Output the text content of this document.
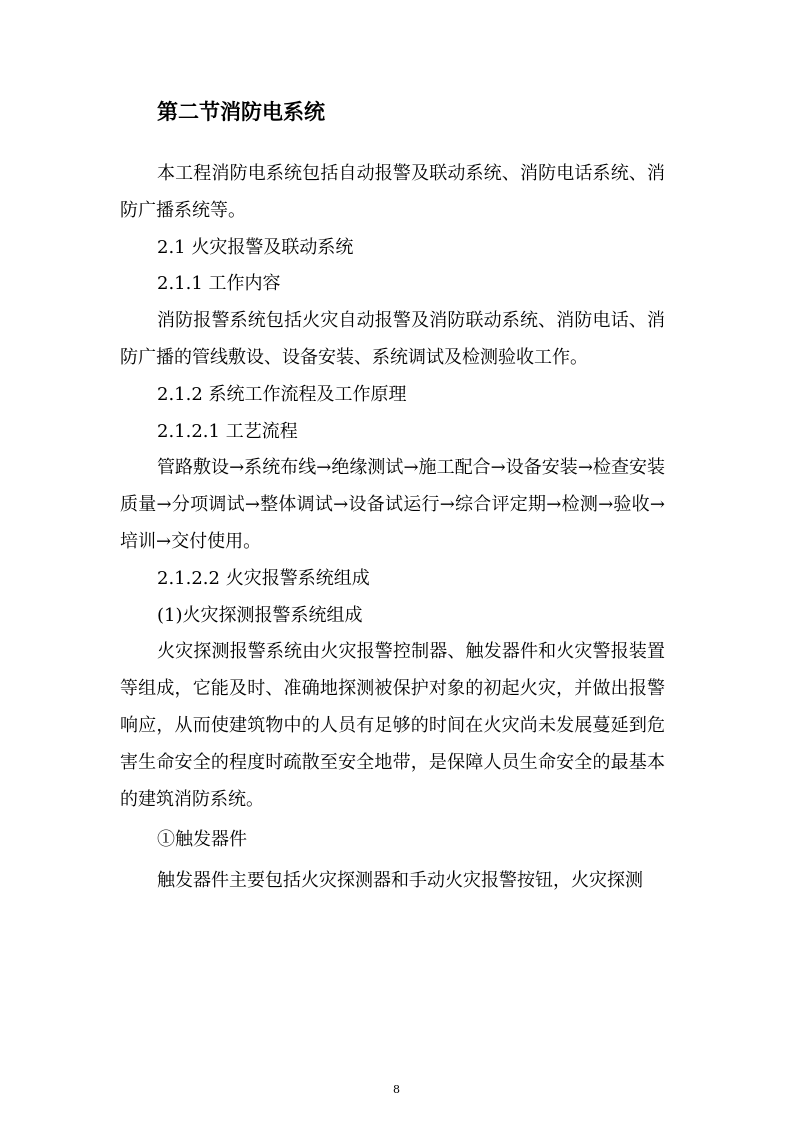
第二节消防电系统

本工程消防电系统包括自动报警及联动系统、消防电话系统、消防广播系统等。

2.1 火灾报警及联动系统

2.1.1 工作内容

消防报警系统包括火灾自动报警及消防联动系统、消防电话、消防广播的管线敷设、设备安装、系统调试及检测验收工作。

2.1.2 系统工作流程及工作原理

2.1.2.1 工艺流程

管路敷设→系统布线→绝缘测试→施工配合→设备安装→检查安装质量→分项调试→整体调试→设备试运行→综合评定期→检测→验收→培训→交付使用。

2.1.2.2 火灾报警系统组成

(1)火灾探测报警系统组成

火灾探测报警系统由火灾报警控制器、触发器件和火灾警报装置等组成，它能及时、准确地探测被保护对象的初起火灾，并做出报警响应，从而使建筑物中的人员有足够的时间在火灾尚未发展蔓延到危害生命安全的程度时疏散至安全地带，是保障人员生命安全的最基本的建筑消防系统。

①触发器件

触发器件主要包括火灾探测器和手动火灾报警按钮，火灾探测

8
